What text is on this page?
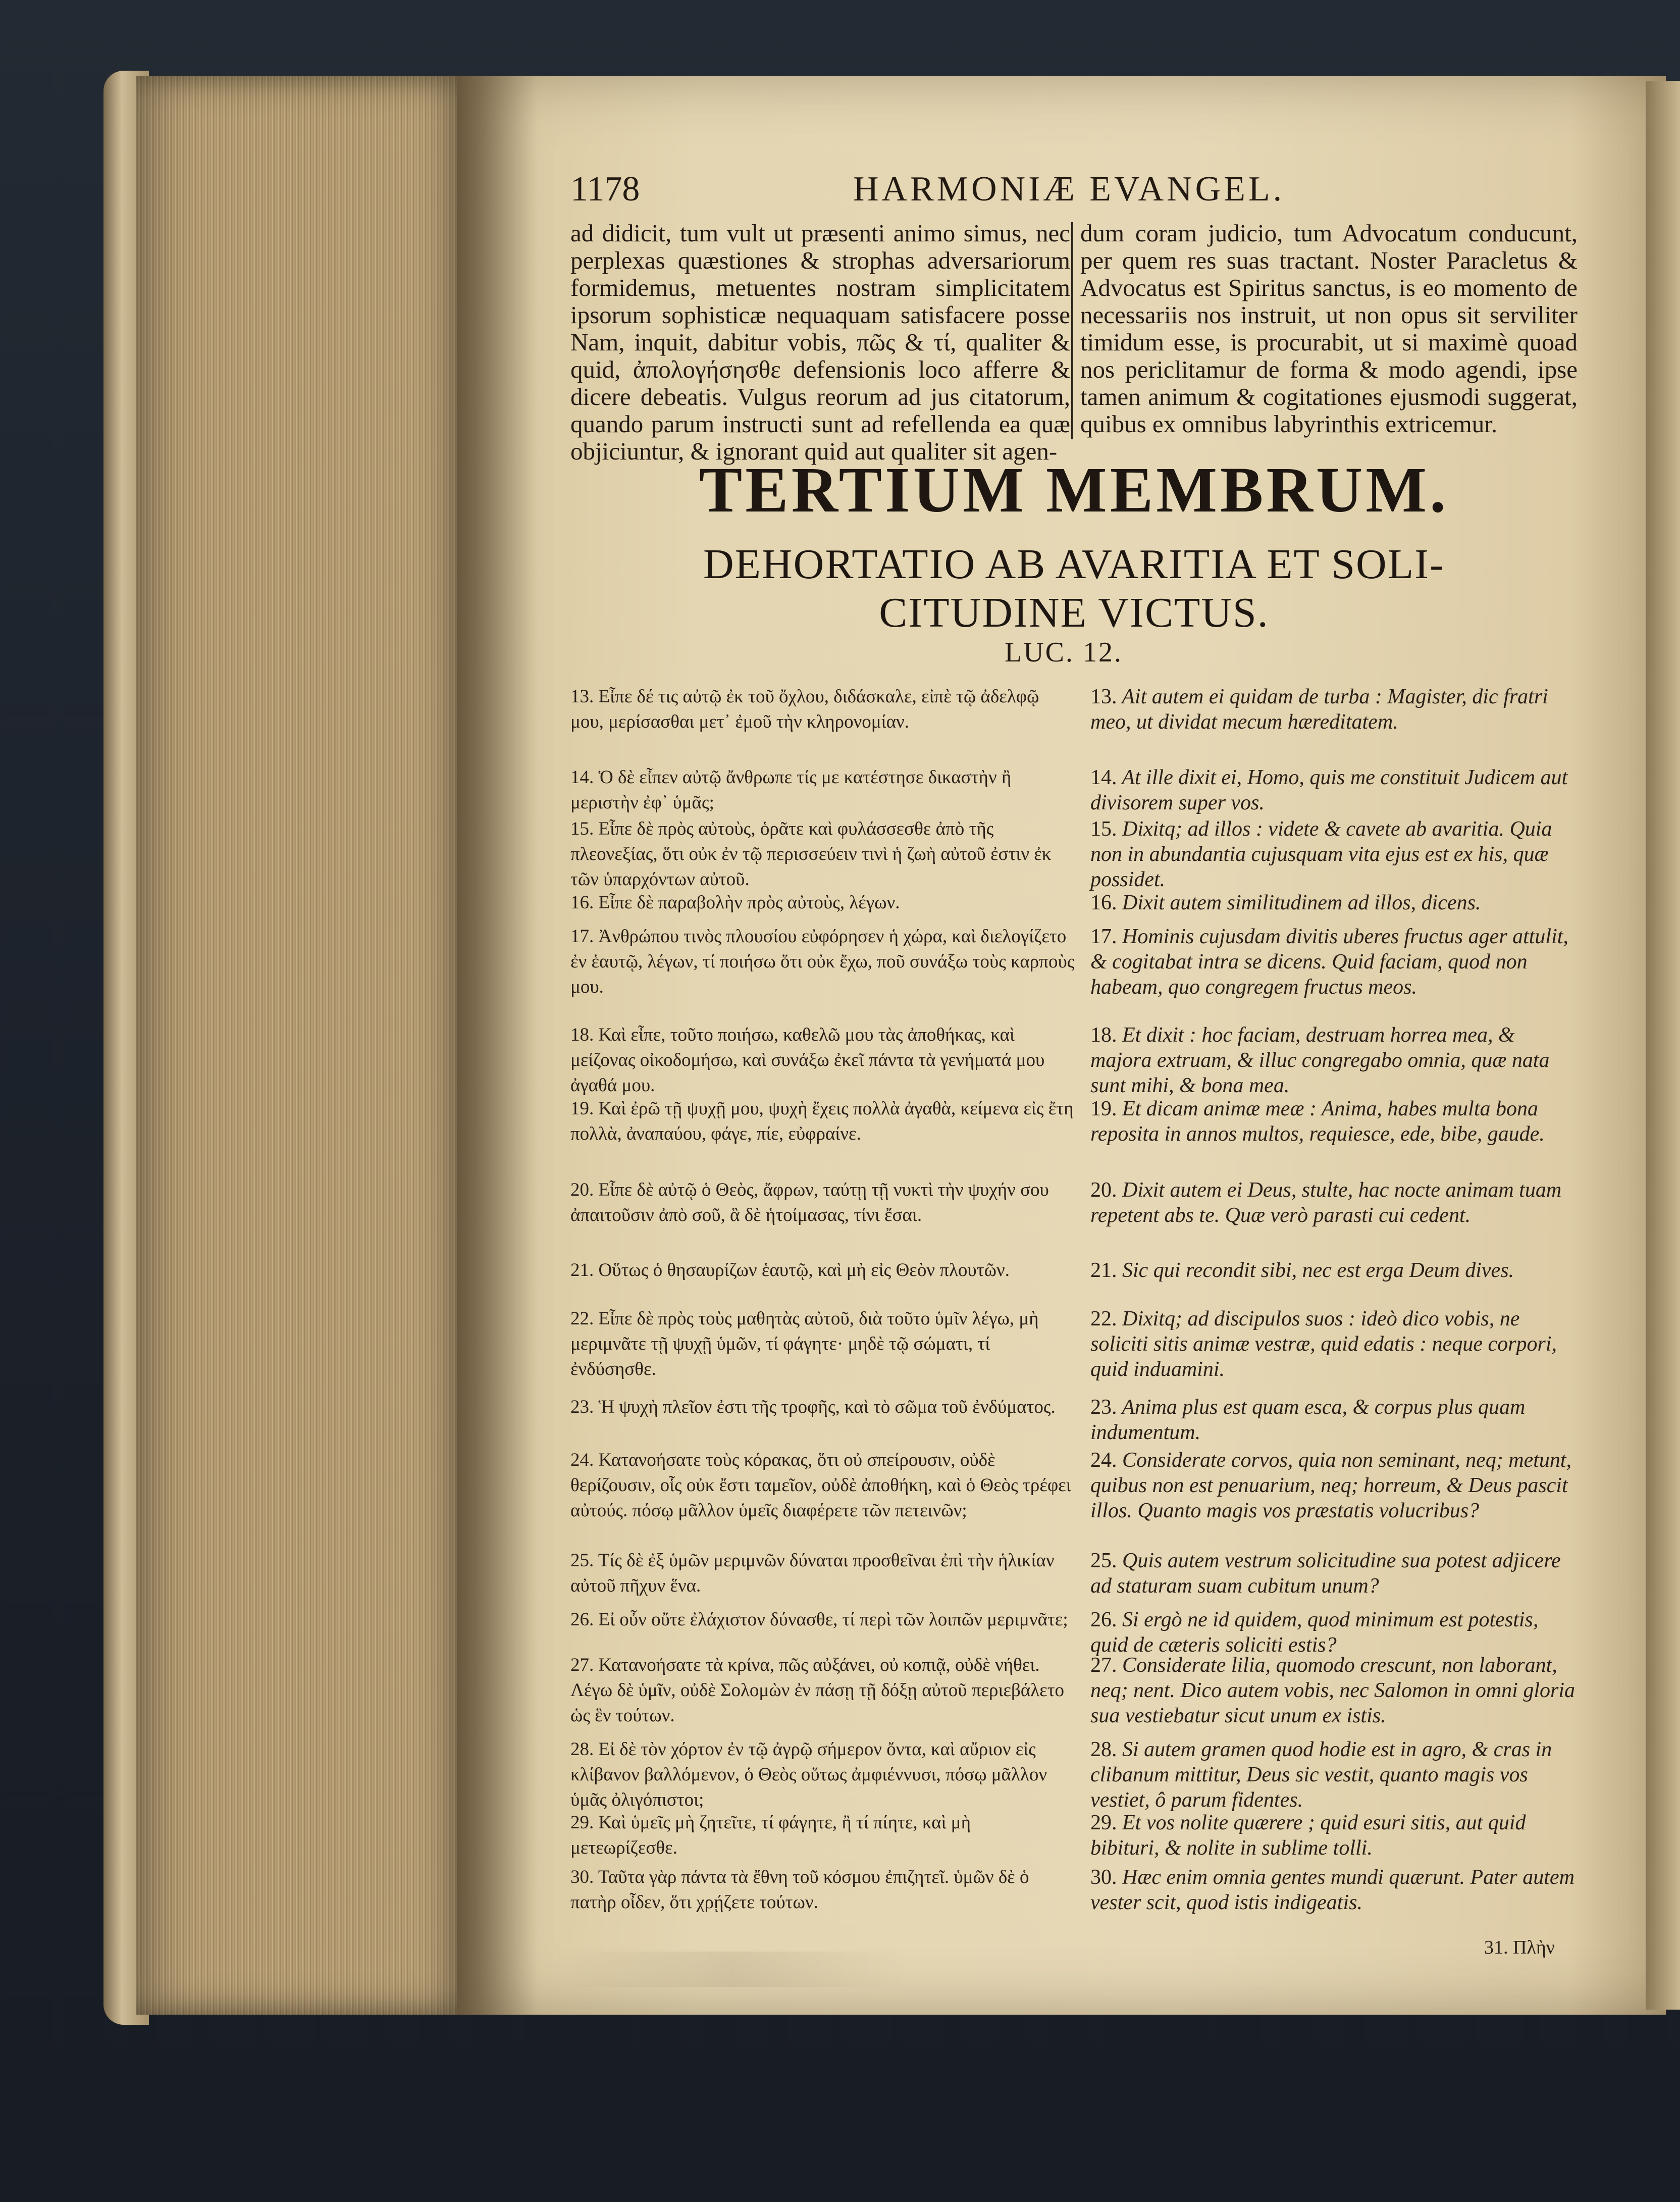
1178	HARMONIÆ EVANGEL.

ad didicit, tum vult ut præsenti animo simus, nec perplexas quæstiones & strophas adversariorum formidemus, metuentes nostram simplicitatem ipsorum sophisticæ nequaquam satisfacere posse Nam, inquit, dabitur vobis, πῶς & τί, qualiter & quid, ἀπολογήσησθε defensionis loco afferre & dicere debeatis. Vulgus reorum ad jus citatorum, quando parum instructi sunt ad refellenda ea quæ objiciuntur, & ignorant quid aut qualiter sit agen-

dum coram judicio, tum Advocatum conducunt, per quem res suas tractant. Noster Paracletus & Advocatus est Spiritus sanctus, is eo momento de necessariis nos instruit, ut non opus sit serviliter timidum esse, is procurabit, ut si maximè quoad nos periclitamur de forma & modo agendi, ipse tamen animum & cogitationes ejusmodi suggerat, quibus ex omnibus labyrinthis extricemur.

TERTIUM MEMBRUM.
DEHORTATIO AB AVARITIA ET SOLI-
CITUDINE VICTUS.
LUC. 12.
13. Εἶπε δέ τις αὐτῷ ἐκ τοῦ ὄχλου, διδάσκαλε, εἰπὲ τῷ ἀδελφῷ μου, μερίσασθαι μετ᾽ ἐμοῦ τὴν κληρονομίαν.
13. Ait autem ei quidam de turba : Magister, dic fratri meo, ut dividat mecum hæreditatem.
14. Ὁ δὲ εἶπεν αὐτῷ ἄνθρωπε τίς με κατέστησε δικαστὴν ἢ μεριστὴν ἐφ᾽ ὑμᾶς;
14. At ille dixit ei, Homo, quis me constituit Judicem aut divisorem super vos.
15. Εἶπε δὲ πρὸς αὐτοὺς, ὁρᾶτε καὶ φυλάσσεσθε ἀπὸ τῆς πλεονεξίας, ὅτι οὐκ ἐν τῷ περισσεύειν τινὶ ἡ ζωὴ αὐτοῦ ἐστιν ἐκ τῶν ὑπαρχόντων αὐτοῦ.
15. Dixitq; ad illos : videte & cavete ab avaritia. Quia non in abundantia cujusquam vita ejus est ex his, quæ possidet.
16. Εἶπε δὲ παραβολὴν πρὸς αὐτοὺς, λέγων.	16. Dixit autem similitudinem ad illos, dicens.
17. Ἀνθρώπου τινὸς πλουσίου εὐφόρησεν ἡ χώρα, καὶ διελογίζετο ἐν ἑαυτῷ, λέγων, τί ποιήσω ὅτι οὐκ ἔχω, ποῦ συνάξω τοὺς καρποὺς μου.
17. Hominis cujusdam divitis uberes fructus ager attulit, & cogitabat intra se dicens. Quid faciam, quod non habeam, quo congregem fructus meos.
18. Καὶ εἶπε, τοῦτο ποιήσω, καθελῶ μου τὰς ἀποθήκας, καὶ μείζονας οἰκοδομήσω, καὶ συνάξω ἐκεῖ πάντα τὰ γενήματά μου ἀγαθά μου.
18. Et dixit : hoc faciam, destruam horrea mea, & majora extruam, & illuc congregabo omnia, quæ nata sunt mihi, & bona mea.
19. Καὶ ἐρῶ τῇ ψυχῇ μου, ψυχὴ ἔχεις πολλὰ ἀγαθὰ, κείμενα εἰς ἔτη πολλὰ, ἀναπαύου, φάγε, πίε, εὐφραίνε.
19. Et dicam animæ meæ : Anima, habes multa bona reposita in annos multos, requiesce, ede, bibe, gaude.
20. Εἶπε δὲ αὐτῷ ὁ Θεὸς, ἄφρων, ταύτῃ τῇ νυκτὶ τὴν ψυχήν σου ἀπαιτοῦσιν ἀπὸ σοῦ, ἃ δὲ ἡτοίμασας, τίνι ἔσαι.
20. Dixit autem ei Deus, stulte, hac nocte animam tuam repetent abs te. Quæ verò parasti cui cedent.
21. Οὕτως ὁ θησαυρίζων ἑαυτῷ, καὶ μὴ εἰς Θεὸν πλουτῶν.	21. Sic qui recondit sibi, nec est erga Deum dives.
22. Εἶπε δὲ πρὸς τοὺς μαθητὰς αὐτοῦ, διὰ τοῦτο ὑμῖν λέγω, μὴ μεριμνᾶτε τῇ ψυχῇ ὑμῶν, τί φάγητε· μηδὲ τῷ σώματι, τί ἐνδύσησθε.
22. Dixitq; ad discipulos suos : ideò dico vobis, ne soliciti sitis animæ vestræ, quid edatis : neque corpori, quid induamini.
23. Ἡ ψυχὴ πλεῖον ἐστι τῆς τροφῆς, καὶ τὸ σῶμα τοῦ ἐνδύματος.	23. Anima plus est quam esca, & corpus plus quam indumentum.
24. Κατανοήσατε τοὺς κόρακας, ὅτι οὐ σπείρουσιν, οὐδὲ θερίζουσιν, οἷς οὐκ ἔστι ταμεῖον, οὐδὲ ἀποθήκη, καὶ ὁ Θεὸς τρέφει αὐτούς. πόσῳ μᾶλλον ὑμεῖς διαφέρετε τῶν πετεινῶν;
24. Considerate corvos, quia non seminant, neq; metunt, quibus non est penuarium, neq; horreum, & Deus pascit illos. Quanto magis vos præstatis volucribus?
25. Τίς δὲ ἐξ ὑμῶν μεριμνῶν δύναται προσθεῖναι ἐπὶ τὴν ἡλικίαν αὐτοῦ πῆχυν ἕνα.
25. Quis autem vestrum solicitudine sua potest adjicere ad staturam suam cubitum unum?
26. Εἰ οὖν οὔτε ἐλάχιστον δύνασθε, τί περὶ τῶν λοιπῶν μεριμνᾶτε;	26. Si ergò ne id quidem, quod minimum est potestis, quid de cæteris soliciti estis?
27. Κατανοήσατε τὰ κρίνα, πῶς αὐξάνει, οὐ κοπιᾷ, οὐδὲ νήθει. Λέγω δὲ ὑμῖν, οὐδὲ Σολομὼν ἐν πάσῃ τῇ δόξῃ αὐτοῦ περιεβάλετο ὡς ἓν τούτων.
27. Considerate lilia, quomodo crescunt, non laborant, neq; nent. Dico autem vobis, nec Salomon in omni gloria sua vestiebatur sicut unum ex istis.
28. Εἰ δὲ τὸν χόρτον ἐν τῷ ἀγρῷ σήμερον ὄντα, καὶ αὔριον εἰς κλίβανον βαλλόμενον, ὁ Θεὸς οὕτως ἀμφιέννυσι, πόσῳ μᾶλλον ὑμᾶς ὀλιγόπιστοι;
28. Si autem gramen quod hodie est in agro, & cras in clibanum mittitur, Deus sic vestit, quanto magis vos vestiet, ô parum fidentes.
29. Καὶ ὑμεῖς μὴ ζητεῖτε, τί φάγητε, ἢ τί πίητε, καὶ μὴ μετεωρίζεσθε.
29. Et vos nolite quærere ; quid esuri sitis, aut quid bibituri, & nolite in sublime tolli.
30. Ταῦτα γὰρ πάντα τὰ ἔθνη τοῦ κόσμου ἐπιζητεῖ. ὑμῶν δὲ ὁ πατὴρ οἶδεν, ὅτι χρῄζετε τούτων.
30. Hæc enim omnia gentes mundi quærunt. Pater autem vester scit, quod istis indigeatis.
31. Πλὴν
